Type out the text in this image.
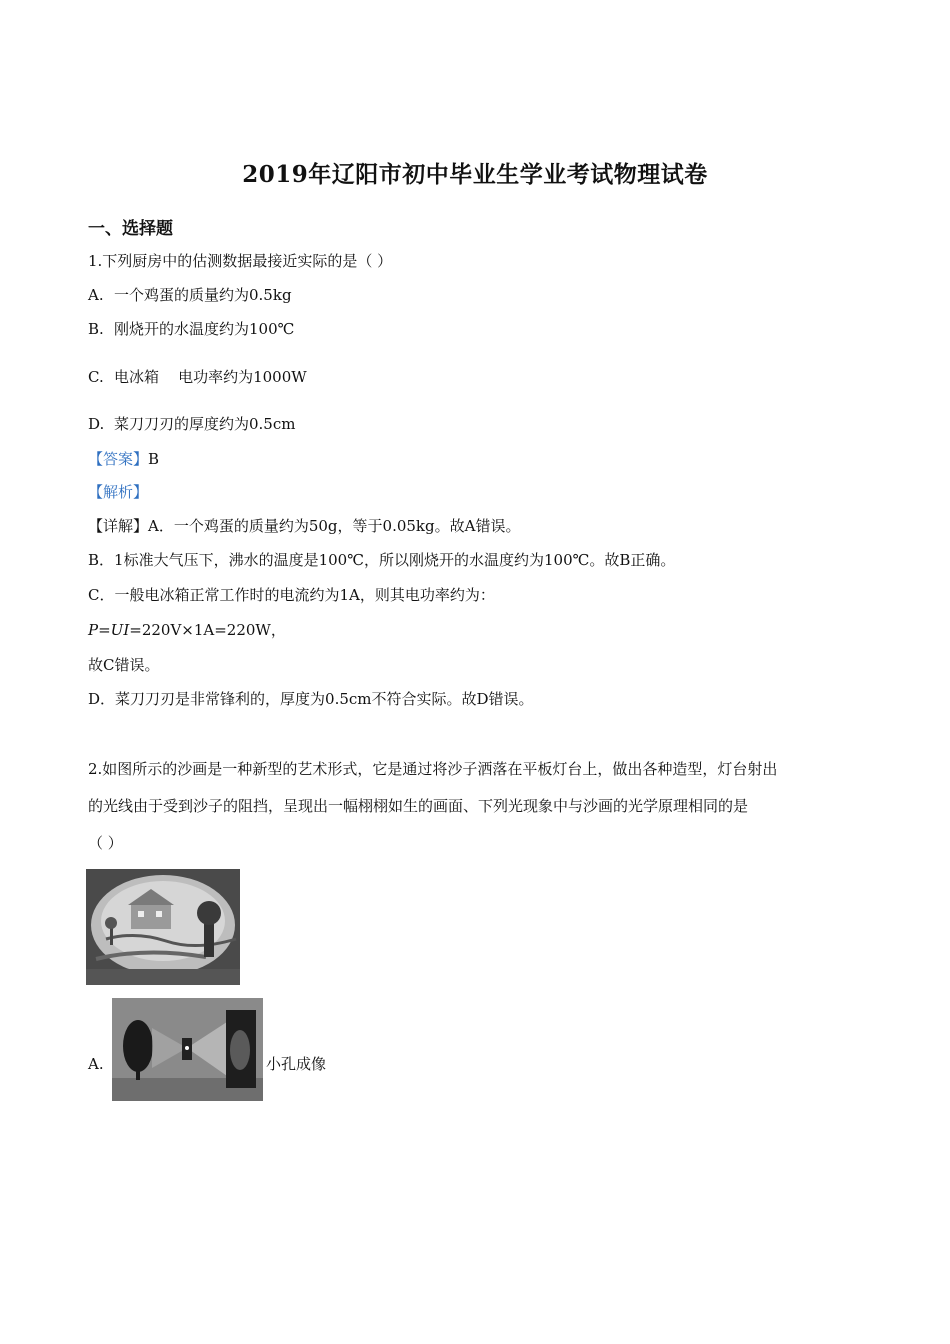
2019年辽阳市初中毕业生学业考试物理试卷
一、选择题
1.下列厨房中的估测数据最接近实际的是（ ）
A. 一个鸡蛋的质量约为0.5kg
B. 刚烧开的水温度约为100℃
C. 电冰箱    电功率约为1000W
D. 菜刀刀刃的厚度约为0.5cm
【答案】B
【解析】
【详解】A．一个鸡蛋的质量约为50g，等于0.05kg。故A错误。
B．1标准大气压下，沸水的温度是100℃，所以刚烧开的水温度约为100℃。故B正确。
C．一般电冰箱正常工作时的电流约为1A，则其电功率约为：
P=UI=220V×1A=220W，
故C错误。
D．菜刀刀刃是非常锋利的，厚度为0.5cm不符合实际。故D错误。
2.如图所示的沙画是一种新型的艺术形式，它是通过将沙子洒落在平板灯台上，做出各种造型，灯台射出
的光线由于受到沙子的阻挡，呈现出一幅栩栩如生的画面、下列光现象中与沙画的光学原理相同的是
（ ）
A.	小孔成像
